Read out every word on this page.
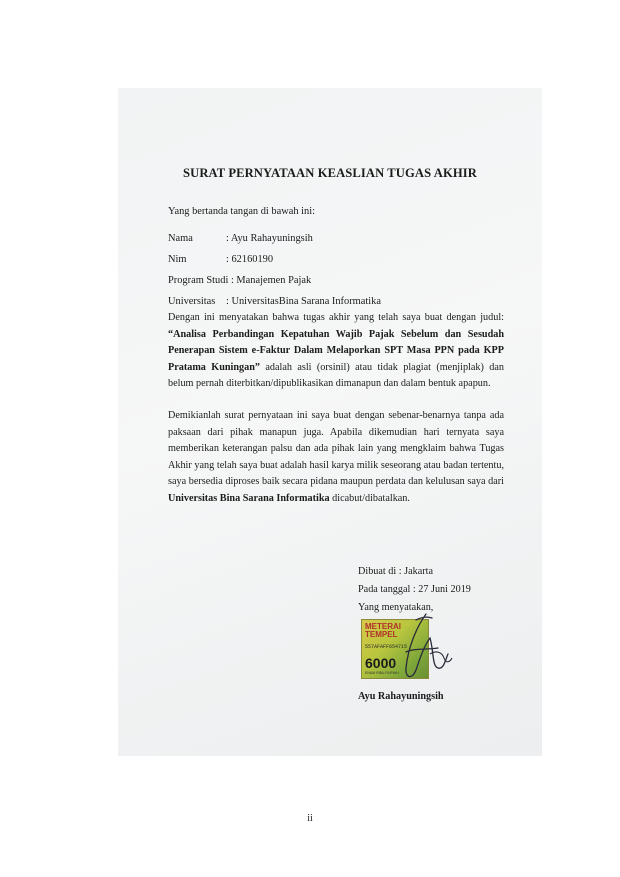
SURAT PERNYATAAN KEASLIAN TUGAS AKHIR
Yang bertanda tangan di bawah ini:
Nama	: Ayu Rahayuningsih
Nim	: 62160190
Program Studi : Manajemen Pajak
Universitas : UniversitasBina Sarana Informatika
Dengan ini menyatakan bahwa tugas akhir yang telah saya buat dengan judul: “Analisa Perbandingan Kepatuhan Wajib Pajak Sebelum dan Sesudah Penerapan Sistem e-Faktur Dalam Melaporkan SPT Masa PPN pada KPP Pratama Kuningan” adalah asli (orsinil) atau tidak plagiat (menjiplak) dan belum pernah diterbitkan/dipublikasikan dimanapun dan dalam bentuk apapun.
Demikianlah surat pernyataan ini saya buat dengan sebenar-benarnya tanpa ada paksaan dari pihak manapun juga. Apabila dikemudian hari ternyata saya memberikan keterangan palsu dan ada pihak lain yang mengklaim bahwa Tugas Akhir yang telah saya buat adalah hasil karya milik seseorang atau badan tertentu, saya bersedia diproses baik secara pidana maupun perdata dan kelulusan saya dari Universitas Bina Sarana Informatika dicabut/dibatalkan.
Dibuat di : Jakarta
Pada tanggal : 27 Juni 2019
Yang menyatakan,
METERAI
TEMPEL
557AFAFF654715
6000
ENAM RIBU RUPIAH
Ayu Rahayuningsih
ii
